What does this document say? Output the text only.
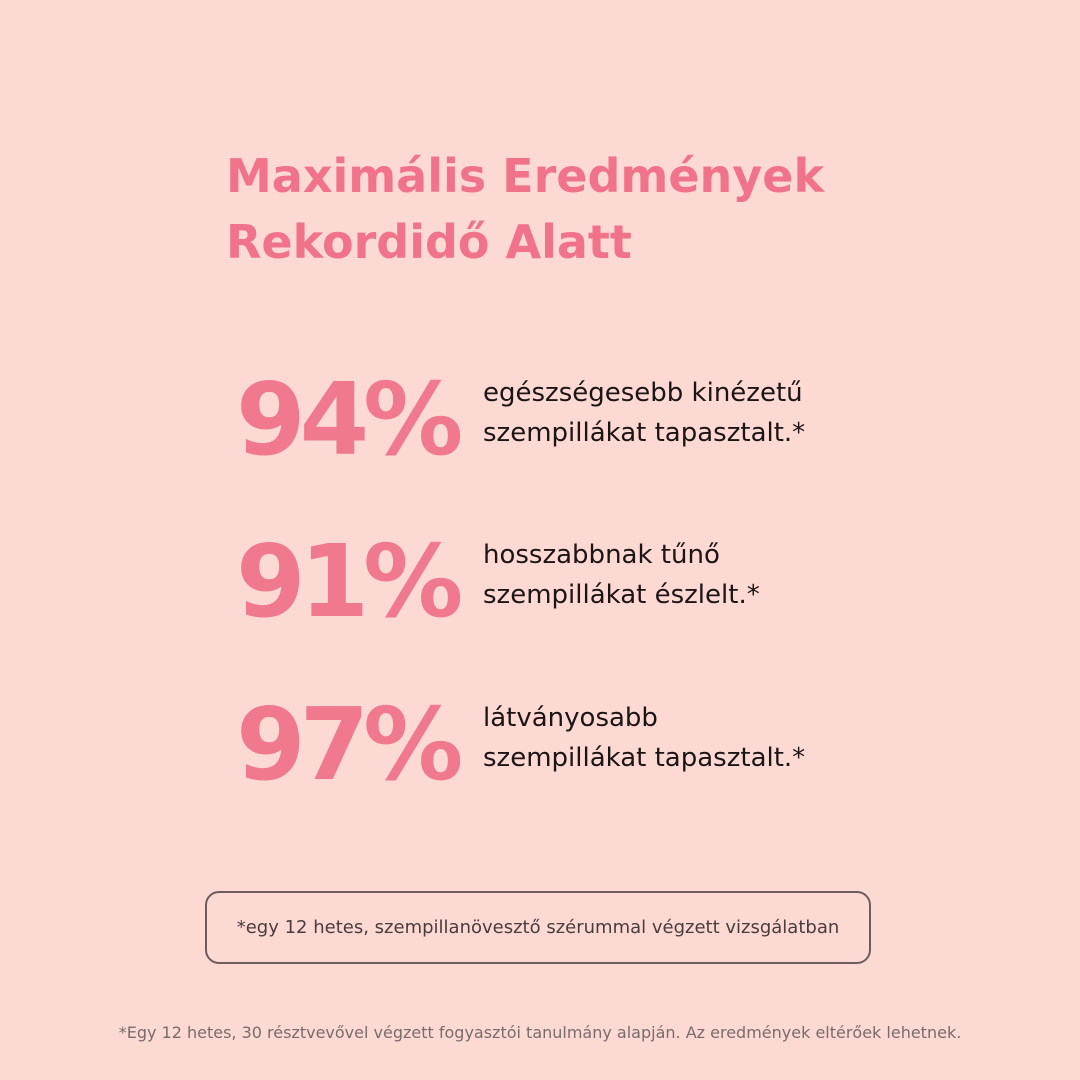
Maximális Eredmények
Rekordidő Alatt
94% egészségesebb kinézetű
szempillákat tapasztalt.*
91% hosszabbnak tűnő
szempillákat észlelt.*
97% látványosabb
szempillákat tapasztalt.*
*egy 12 hetes, szempillanövesztő szérummal végzett vizsgálatban
*Egy 12 hetes, 30 résztvevővel végzett fogyasztói tanulmány alapján. Az eredmények eltérőek lehetnek.
